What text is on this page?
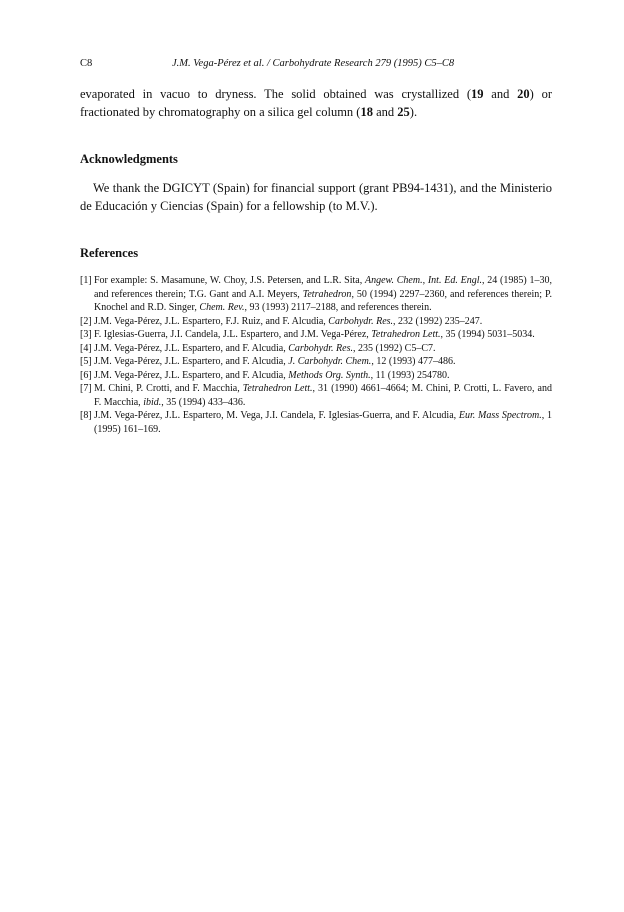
C8	J.M. Vega-Pérez et al. / Carbohydrate Research 279 (1995) C5–C8

evaporated in vacuo to dryness. The solid obtained was crystallized (19 and 20) or fractionated by chromatography on a silica gel column (18 and 25).

Acknowledgments

We thank the DGICYT (Spain) for financial support (grant PB94-1431), and the Ministerio de Educación y Ciencias (Spain) for a fellowship (to M.V.).

References
[1] For example: S. Masamune, W. Choy, J.S. Petersen, and L.R. Sita, Angew. Chem., Int. Ed. Engl., 24 (1985) 1–30, and references therein; T.G. Gant and A.I. Meyers, Tetrahedron, 50 (1994) 2297–2360, and references therein; P. Knochel and R.D. Singer, Chem. Rev., 93 (1993) 2117–2188, and references therein.
[2] J.M. Vega-Pérez, J.L. Espartero, F.J. Ruiz, and F. Alcudia, Carbohydr. Res., 232 (1992) 235–247.
[3] F. Iglesias-Guerra, J.I. Candela, J.L. Espartero, and J.M. Vega-Pérez, Tetrahedron Lett., 35 (1994) 5031–5034.
[4] J.M. Vega-Pérez, J.L. Espartero, and F. Alcudia, Carbohydr. Res., 235 (1992) C5–C7.
[5] J.M. Vega-Pérez, J.L. Espartero, and F. Alcudia, J. Carbohydr. Chem., 12 (1993) 477–486.
[6] J.M. Vega-Pérez, J.L. Espartero, and F. Alcudia, Methods Org. Synth., 11 (1993) 254780.
[7] M. Chini, P. Crotti, and F. Macchia, Tetrahedron Lett., 31 (1990) 4661–4664; M. Chini, P. Crotti, L. Favero, and F. Macchia, ibid., 35 (1994) 433–436.
[8] J.M. Vega-Pérez, J.L. Espartero, M. Vega, J.I. Candela, F. Iglesias-Guerra, and F. Alcudia, Eur. Mass Spectrom., 1 (1995) 161–169.
